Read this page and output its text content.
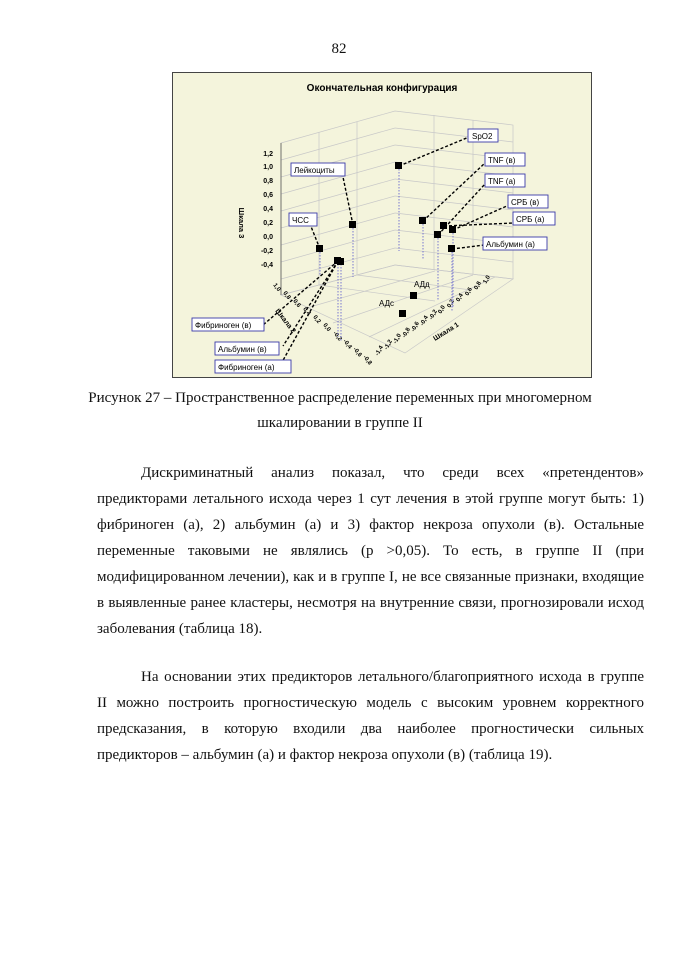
82
Окончательная конфигурация
1,2
1,0
0,8
0,6
0,4
0,2
0,0
-0,2
-0,4
Шкала 3
1,0
0,8
0,6
0,4
0,2
0,0
-0,2
-0,4
-0,6
-0,8
Шкала 2
-1,4
-1,2
-1,0
-0,8
-0,6
-0,4
-0,2
0,0
0,2
0,4
0,6
0,8
1,0
Шкала 1
SpO2
TNF (в)
TNF (а)
СРБ (в)
СРБ (а)
Альбумин (а)
Лейкоциты
ЧСС
Фибриноген (в)
Альбумин (в)
Фибриноген (а)
АДд
АДс
Рисунок 27 – Пространственное распределение переменных при многомерном
шкалировании в группе II
Дискриминатный анализ показал, что среди всех «претендентов» предикторами летального исхода через 1 сут лечения в этой группе могут быть: 1) фибриноген (а), 2) альбумин (а) и 3) фактор некроза опухоли (в). Остальные переменные таковыми не являлись (p >0,05). То есть, в группе II (при модифицированном лечении), как и в группе I, не все связанные признаки, входящие в выявленные ранее кластеры, несмотря на внутренние связи, прогнозировали исход заболевания (таблица 18).
На основании этих предикторов летального/благоприятного исхода в группе II можно построить прогностическую модель с высоким уровнем корректного предсказания, в которую входили два наиболее прогностически сильных предикторов – альбумин (а) и фактор некроза опухоли (в) (таблица 19).
